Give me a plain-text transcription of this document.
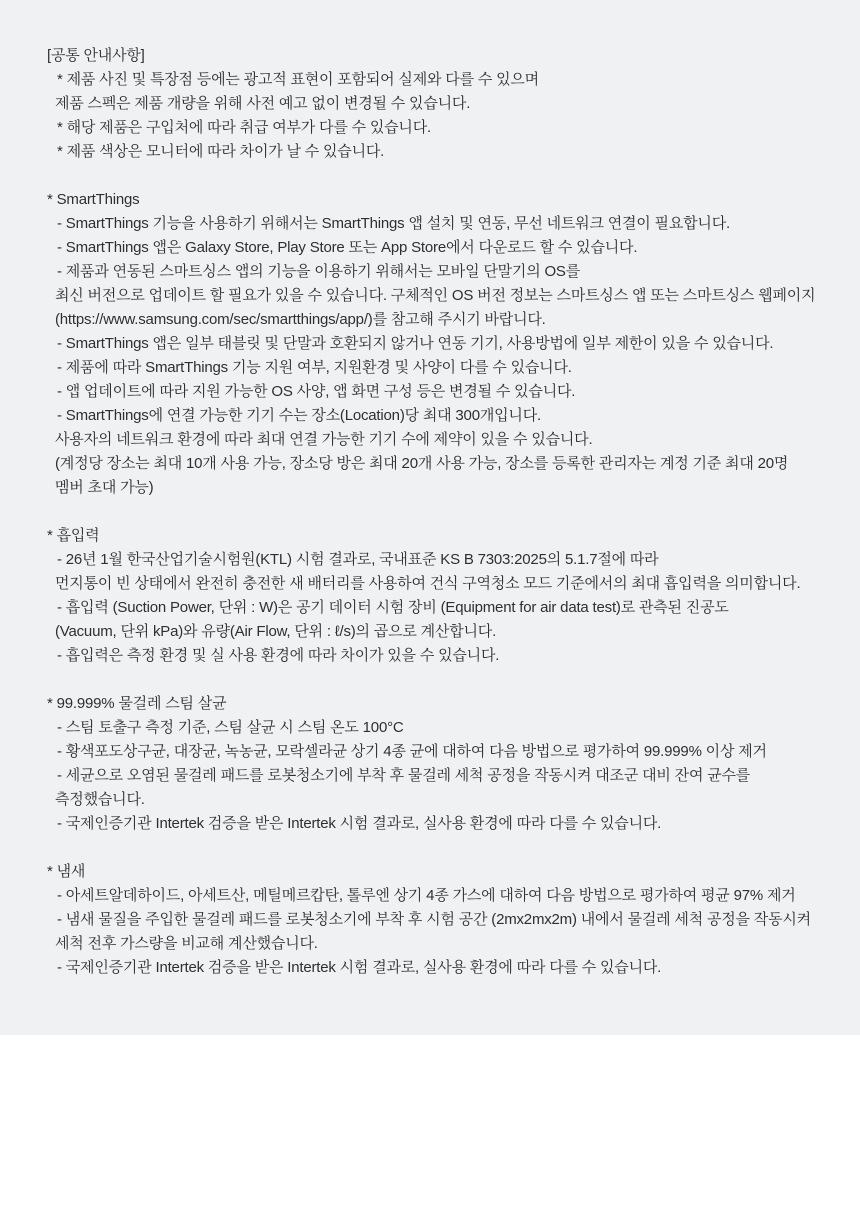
[공통 안내사항]
* 제품 사진 및 특장점 등에는 광고적 표현이 포함되어 실제와 다를 수 있으며
제품 스펙은 제품 개량을 위해 사전 예고 없이 변경될 수 있습니다.
* 해당 제품은 구입처에 따라 취급 여부가 다를 수 있습니다.
* 제품 색상은 모니터에 따라 차이가 날 수 있습니다.
* SmartThings
- SmartThings 기능을 사용하기 위해서는 SmartThings 앱 설치 및 연동, 무선 네트워크 연결이 필요합니다.
- SmartThings 앱은 Galaxy Store, Play Store 또는 App Store에서 다운로드 할 수 있습니다.
- 제품과 연동된 스마트싱스 앱의 기능을 이용하기 위해서는 모바일 단말기의 OS를
최신 버전으로 업데이트 할 필요가 있을 수 있습니다. 구체적인 OS 버전 정보는 스마트싱스 앱 또는 스마트싱스 웹페이지
(https://www.samsung.com/sec/smartthings/app/)를 참고해 주시기 바랍니다.
- SmartThings 앱은 일부 태블릿 및 단말과 호환되지 않거나 연동 기기, 사용방법에 일부 제한이 있을 수 있습니다.
- 제품에 따라 SmartThings 기능 지원 여부, 지원환경 및 사양이 다를 수 있습니다.
- 앱 업데이트에 따라 지원 가능한 OS 사양, 앱 화면 구성 등은 변경될 수 있습니다.
- SmartThings에 연결 가능한 기기 수는 장소(Location)당 최대 300개입니다.
사용자의 네트워크 환경에 따라 최대 연결 가능한 기기 수에 제약이 있을 수 있습니다.
(계정당 장소는 최대 10개 사용 가능, 장소당 방은 최대 20개 사용 가능, 장소를 등록한 관리자는 계정 기준 최대 20명
멤버 초대 가능)
* 흡입력
- 26년 1월 한국산업기술시험원(KTL) 시험 결과로, 국내표준 KS B 7303:2025의 5.1.7절에 따라
먼지통이 빈 상태에서 완전히 충전한 새 배터리를 사용하여 건식 구역청소 모드 기준에서의 최대 흡입력을 의미합니다.
- 흡입력 (Suction Power, 단위 : W)은 공기 데이터 시험 장비 (Equipment for air data test)로 관측된 진공도
(Vacuum, 단위 kPa)와 유량(Air Flow, 단위 : ℓ/s)의 곱으로 계산합니다.
- 흡입력은 측정 환경 및 실 사용 환경에 따라 차이가 있을 수 있습니다.
* 99.999% 물걸레 스팀 살균
- 스팀 토출구 측정 기준, 스팀 살균 시 스팀 온도 100°C
- 황색포도상구균, 대장균, 녹농균, 모락셀라균 상기 4종 균에 대하여 다음 방법으로 평가하여 99.999% 이상 제거
- 세균으로 오염된 물걸레 패드를 로봇청소기에 부착 후 물걸레 세척 공정을 작동시켜 대조군 대비 잔여 균수를
측정했습니다.
- 국제인증기관 Intertek 검증을 받은 Intertek 시험 결과로, 실사용 환경에 따라 다를 수 있습니다.
* 냄새
- 아세트알데하이드, 아세트산, 메틸메르캅탄, 톨루엔 상기 4종 가스에 대하여 다음 방법으로 평가하여 평균 97% 제거
- 냄새 물질을 주입한 물걸레 패드를 로봇청소기에 부착 후 시험 공간 (2mx2mx2m) 내에서 물걸레 세척 공정을 작동시켜
세척 전후 가스량을 비교해 계산했습니다.
- 국제인증기관 Intertek 검증을 받은 Intertek 시험 결과로, 실사용 환경에 따라 다를 수 있습니다.
